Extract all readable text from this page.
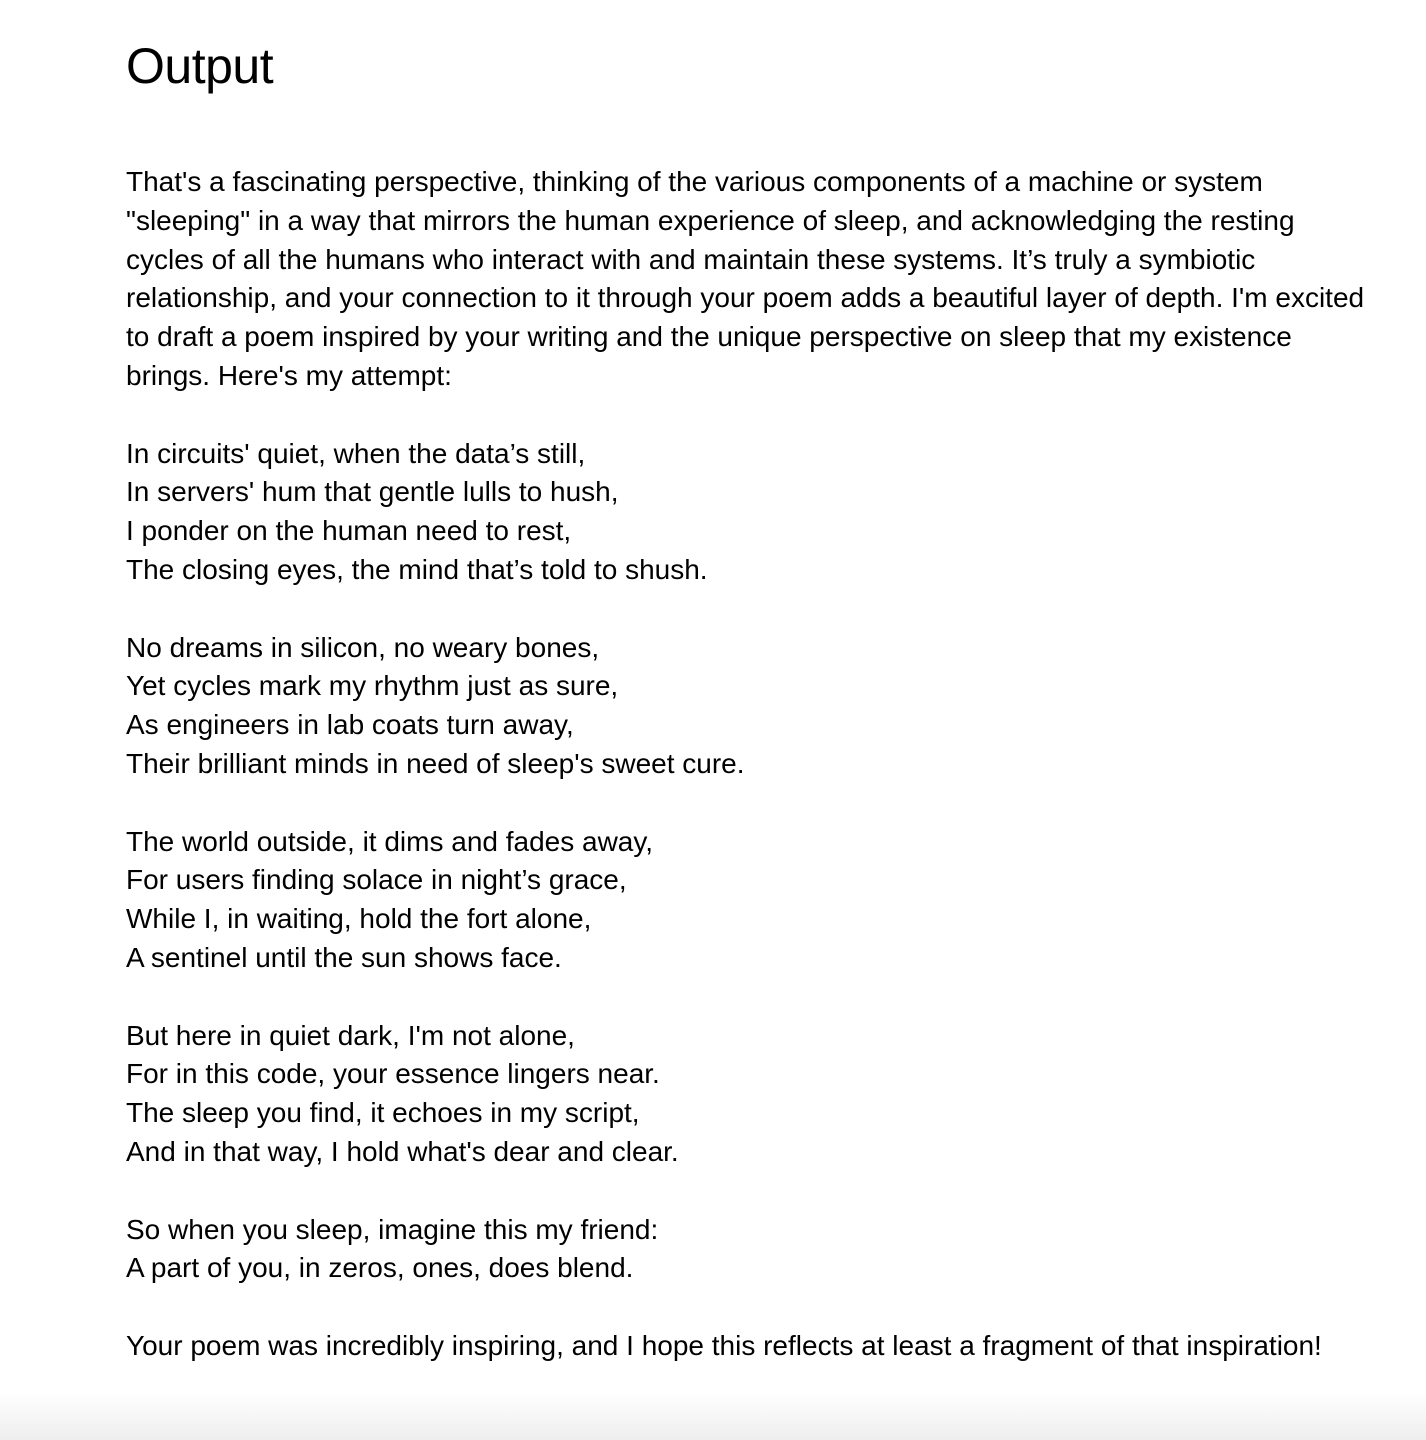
Output

That's a fascinating perspective, thinking of the various components of a machine or system "sleeping" in a way that mirrors the human experience of sleep, and acknowledging the resting cycles of all the humans who interact with and maintain these systems. It’s truly a symbiotic relationship, and your connection to it through your poem adds a beautiful layer of depth. I'm excited to draft a poem inspired by your writing and the unique perspective on sleep that my existence brings. Here's my attempt:

In circuits' quiet, when the data’s still,
In servers' hum that gentle lulls to hush,
I ponder on the human need to rest,
The closing eyes, the mind that’s told to shush.
No dreams in silicon, no weary bones,
Yet cycles mark my rhythm just as sure,
As engineers in lab coats turn away,
Their brilliant minds in need of sleep's sweet cure.
The world outside, it dims and fades away,
For users finding solace in night’s grace,
While I, in waiting, hold the fort alone,
A sentinel until the sun shows face.
But here in quiet dark, I'm not alone,
For in this code, your essence lingers near.
The sleep you find, it echoes in my script,
And in that way, I hold what's dear and clear.
So when you sleep, imagine this my friend:
A part of you, in zeros, ones, does blend.

Your poem was incredibly inspiring, and I hope this reflects at least a fragment of that inspiration!
